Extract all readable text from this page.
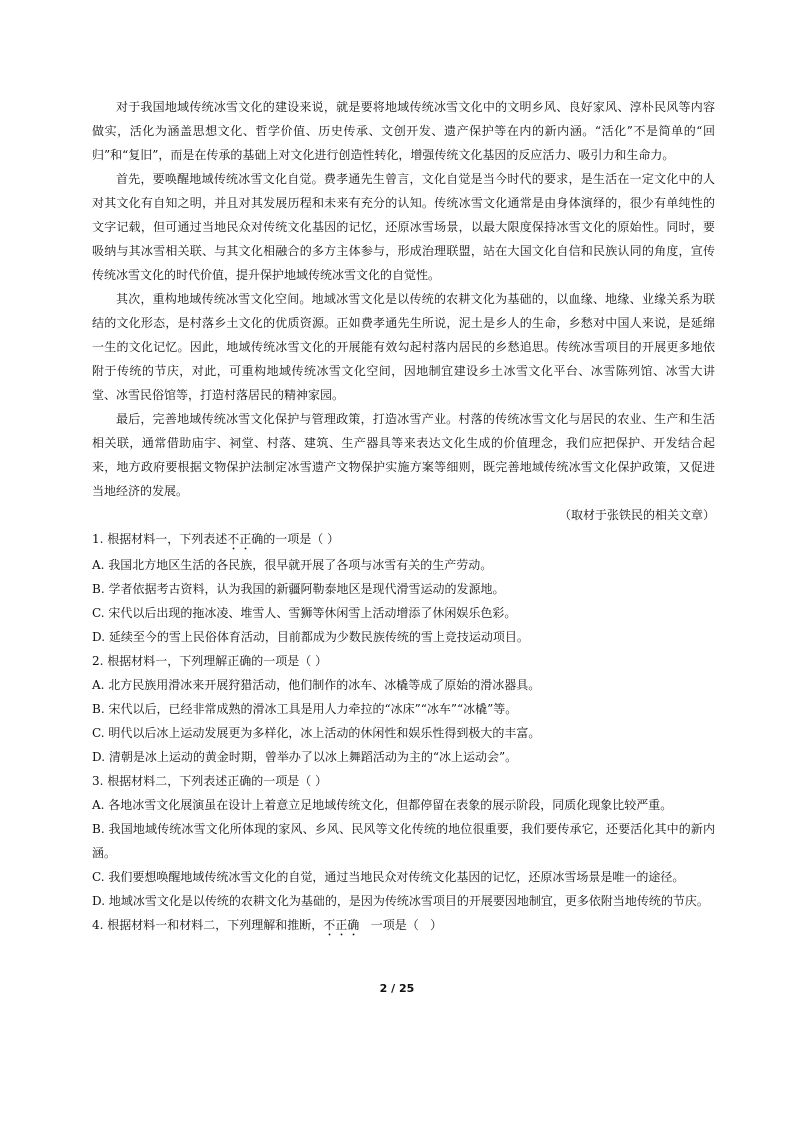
对于我国地域传统冰雪文化的建设来说，就是要将地域传统冰雪文化中的文明乡风、良好家风、淳朴民风等内容做实，活化为涵盖思想文化、哲学价值、历史传承、文创开发、遗产保护等在内的新内涵。“活化”不是简单的“回归”和“复旧”，而是在传承的基础上对文化进行创造性转化，增强传统文化基因的反应活力、吸引力和生命力。

首先，要唤醒地域传统冰雪文化自觉。费孝通先生曾言，文化自觉是当今时代的要求，是生活在一定文化中的人对其文化有自知之明，并且对其发展历程和未来有充分的认知。传统冰雪文化通常是由身体演绎的，很少有单纯性的文字记载，但可通过当地民众对传统文化基因的记忆，还原冰雪场景，以最大限度保持冰雪文化的原始性。同时，要吸纳与其冰雪相关联、与其文化相融合的多方主体参与，形成治理联盟，站在大国文化自信和民族认同的角度，宣传传统冰雪文化的时代价值，提升保护地域传统冰雪文化的自觉性。

其次，重构地域传统冰雪文化空间。地域冰雪文化是以传统的农耕文化为基础的，以血缘、地缘、业缘关系为联结的文化形态，是村落乡土文化的优质资源。正如费孝通先生所说，泥土是乡人的生命，乡愁对中国人来说，是延绵一生的文化记忆。因此，地域传统冰雪文化的开展能有效勾起村落内居民的乡愁追思。传统冰雪项目的开展更多地依附于传统的节庆，对此，可重构地域传统冰雪文化空间，因地制宜建设乡土冰雪文化平台、冰雪陈列馆、冰雪大讲堂、冰雪民俗馆等，打造村落居民的精神家园。

最后，完善地域传统冰雪文化保护与管理政策，打造冰雪产业。村落的传统冰雪文化与居民的农业、生产和生活相关联，通常借助庙宇、祠堂、村落、建筑、生产器具等来表达文化生成的价值理念，我们应把保护、开发结合起来，地方政府要根据文物保护法制定冰雪遗产文物保护实施方案等细则，既完善地域传统冰雪文化保护政策，又促进当地经济的发展。

（取材于张铁民的相关文章）

1. 根据材料一，下列表述不正确的一项是（ ）

A. 我国北方地区生活的各民族，很早就开展了各项与冰雪有关的生产劳动。

B. 学者依据考古资料，认为我国的新疆阿勒泰地区是现代滑雪运动的发源地。

C. 宋代以后出现的拖冰凌、堆雪人、雪狮等休闲雪上活动增添了休闲娱乐色彩。

D. 延续至今的雪上民俗体育活动，目前都成为少数民族传统的雪上竞技运动项目。

2. 根据材料一，下列理解正确的一项是（ ）

A. 北方民族用滑冰来开展狩猎活动，他们制作的冰车、冰橇等成了原始的滑冰器具。

B. 宋代以后，已经非常成熟的滑冰工具是用人力牵拉的“冰床”“冰车”“冰橇”等。

C. 明代以后冰上运动发展更为多样化，冰上活动的休闲性和娱乐性得到极大的丰富。

D. 清朝是冰上运动的黄金时期，曾举办了以冰上舞蹈活动为主的“冰上运动会”。

3. 根据材料二，下列表述正确的一项是（ ）

A. 各地冰雪文化展演虽在设计上着意立足地域传统文化，但都停留在表象的展示阶段，同质化现象比较严重。

B. 我国地域传统冰雪文化所体现的家风、乡风、民风等文化传统的地位很重要，我们要传承它，还要活化其中的新内涵。

C. 我们要想唤醒地域传统冰雪文化的自觉，通过当地民众对传统文化基因的记忆，还原冰雪场景是唯一的途径。

D. 地域冰雪文化是以传统的农耕文化为基础的，是因为传统冰雪项目的开展要因地制宜，更多依附当地传统的节庆。

4. 根据材料一和材料二，下列理解和推断，不正确   一项是（   ）

2 / 25
